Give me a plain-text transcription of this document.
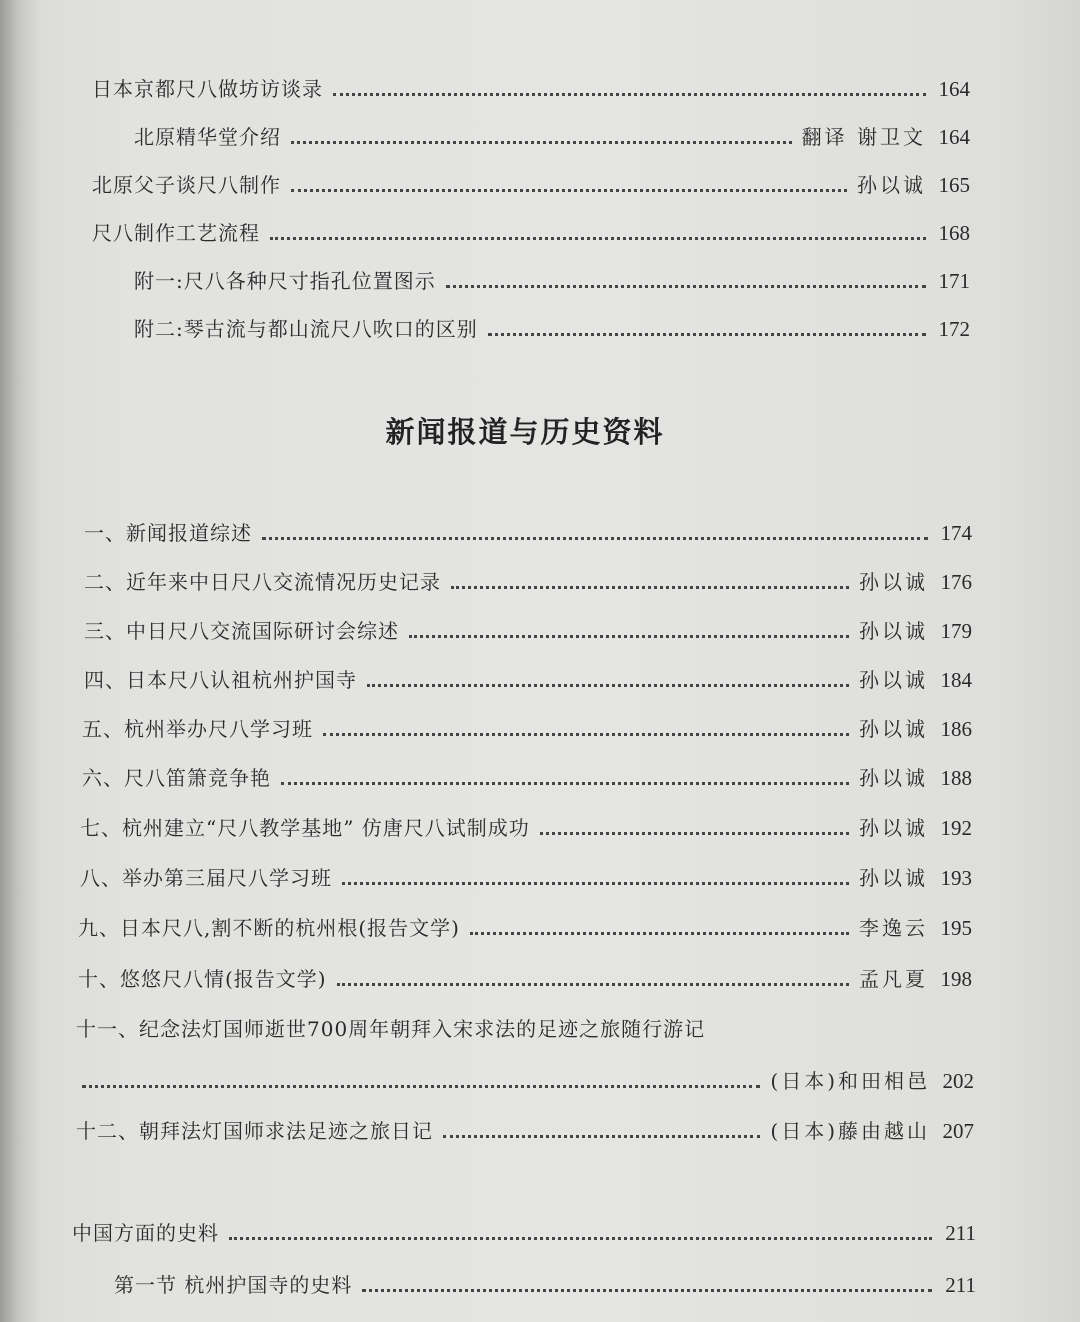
日本京都尺八做坊访谈录	164
北原精华堂介绍	翻译 谢卫文 164
北原父子谈尺八制作	孙以诚 165
尺八制作工艺流程	168
附一:尺八各种尺寸指孔位置图示	171
附二:琴古流与都山流尺八吹口的区别	172
新闻报道与历史资料
一、新闻报道综述	174
二、近年来中日尺八交流情况历史记录	孙以诚 176
三、中日尺八交流国际研讨会综述	孙以诚 179
四、日本尺八认祖杭州护国寺	孙以诚 184
五、杭州举办尺八学习班	孙以诚 186
六、尺八笛箫竞争艳	孙以诚 188
七、杭州建立“尺八教学基地” 仿唐尺八试制成功	孙以诚 192
八、举办第三届尺八学习班	孙以诚 193
九、日本尺八,割不断的杭州根(报告文学)	李逸云 195
十、悠悠尺八情(报告文学)	孟凡夏 198
十一、纪念法灯国师逝世700周年朝拜入宋求法的足迹之旅随行游记
(日本)和田相邑 202
十二、朝拜法灯国师求法足迹之旅日记	(日本)藤由越山 207
中国方面的史料	211
第一节 杭州护国寺的史料	211
